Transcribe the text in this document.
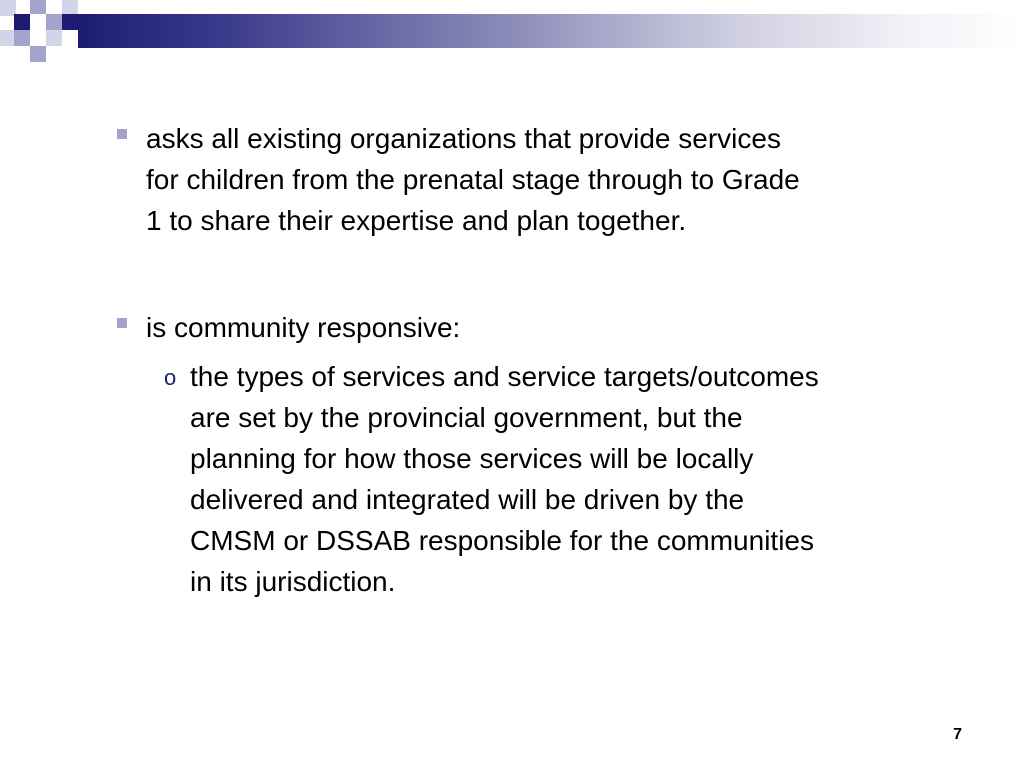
asks all existing organizations that provide services
for children from the prenatal stage through to Grade
1 to share their expertise and plan together.
is community responsive:
o the types of services and service targets/outcomes
are set by the provincial government, but the
planning for how those services will be locally
delivered and integrated will be driven by the
CMSM or DSSAB responsible for the communities
in its jurisdiction.
7
